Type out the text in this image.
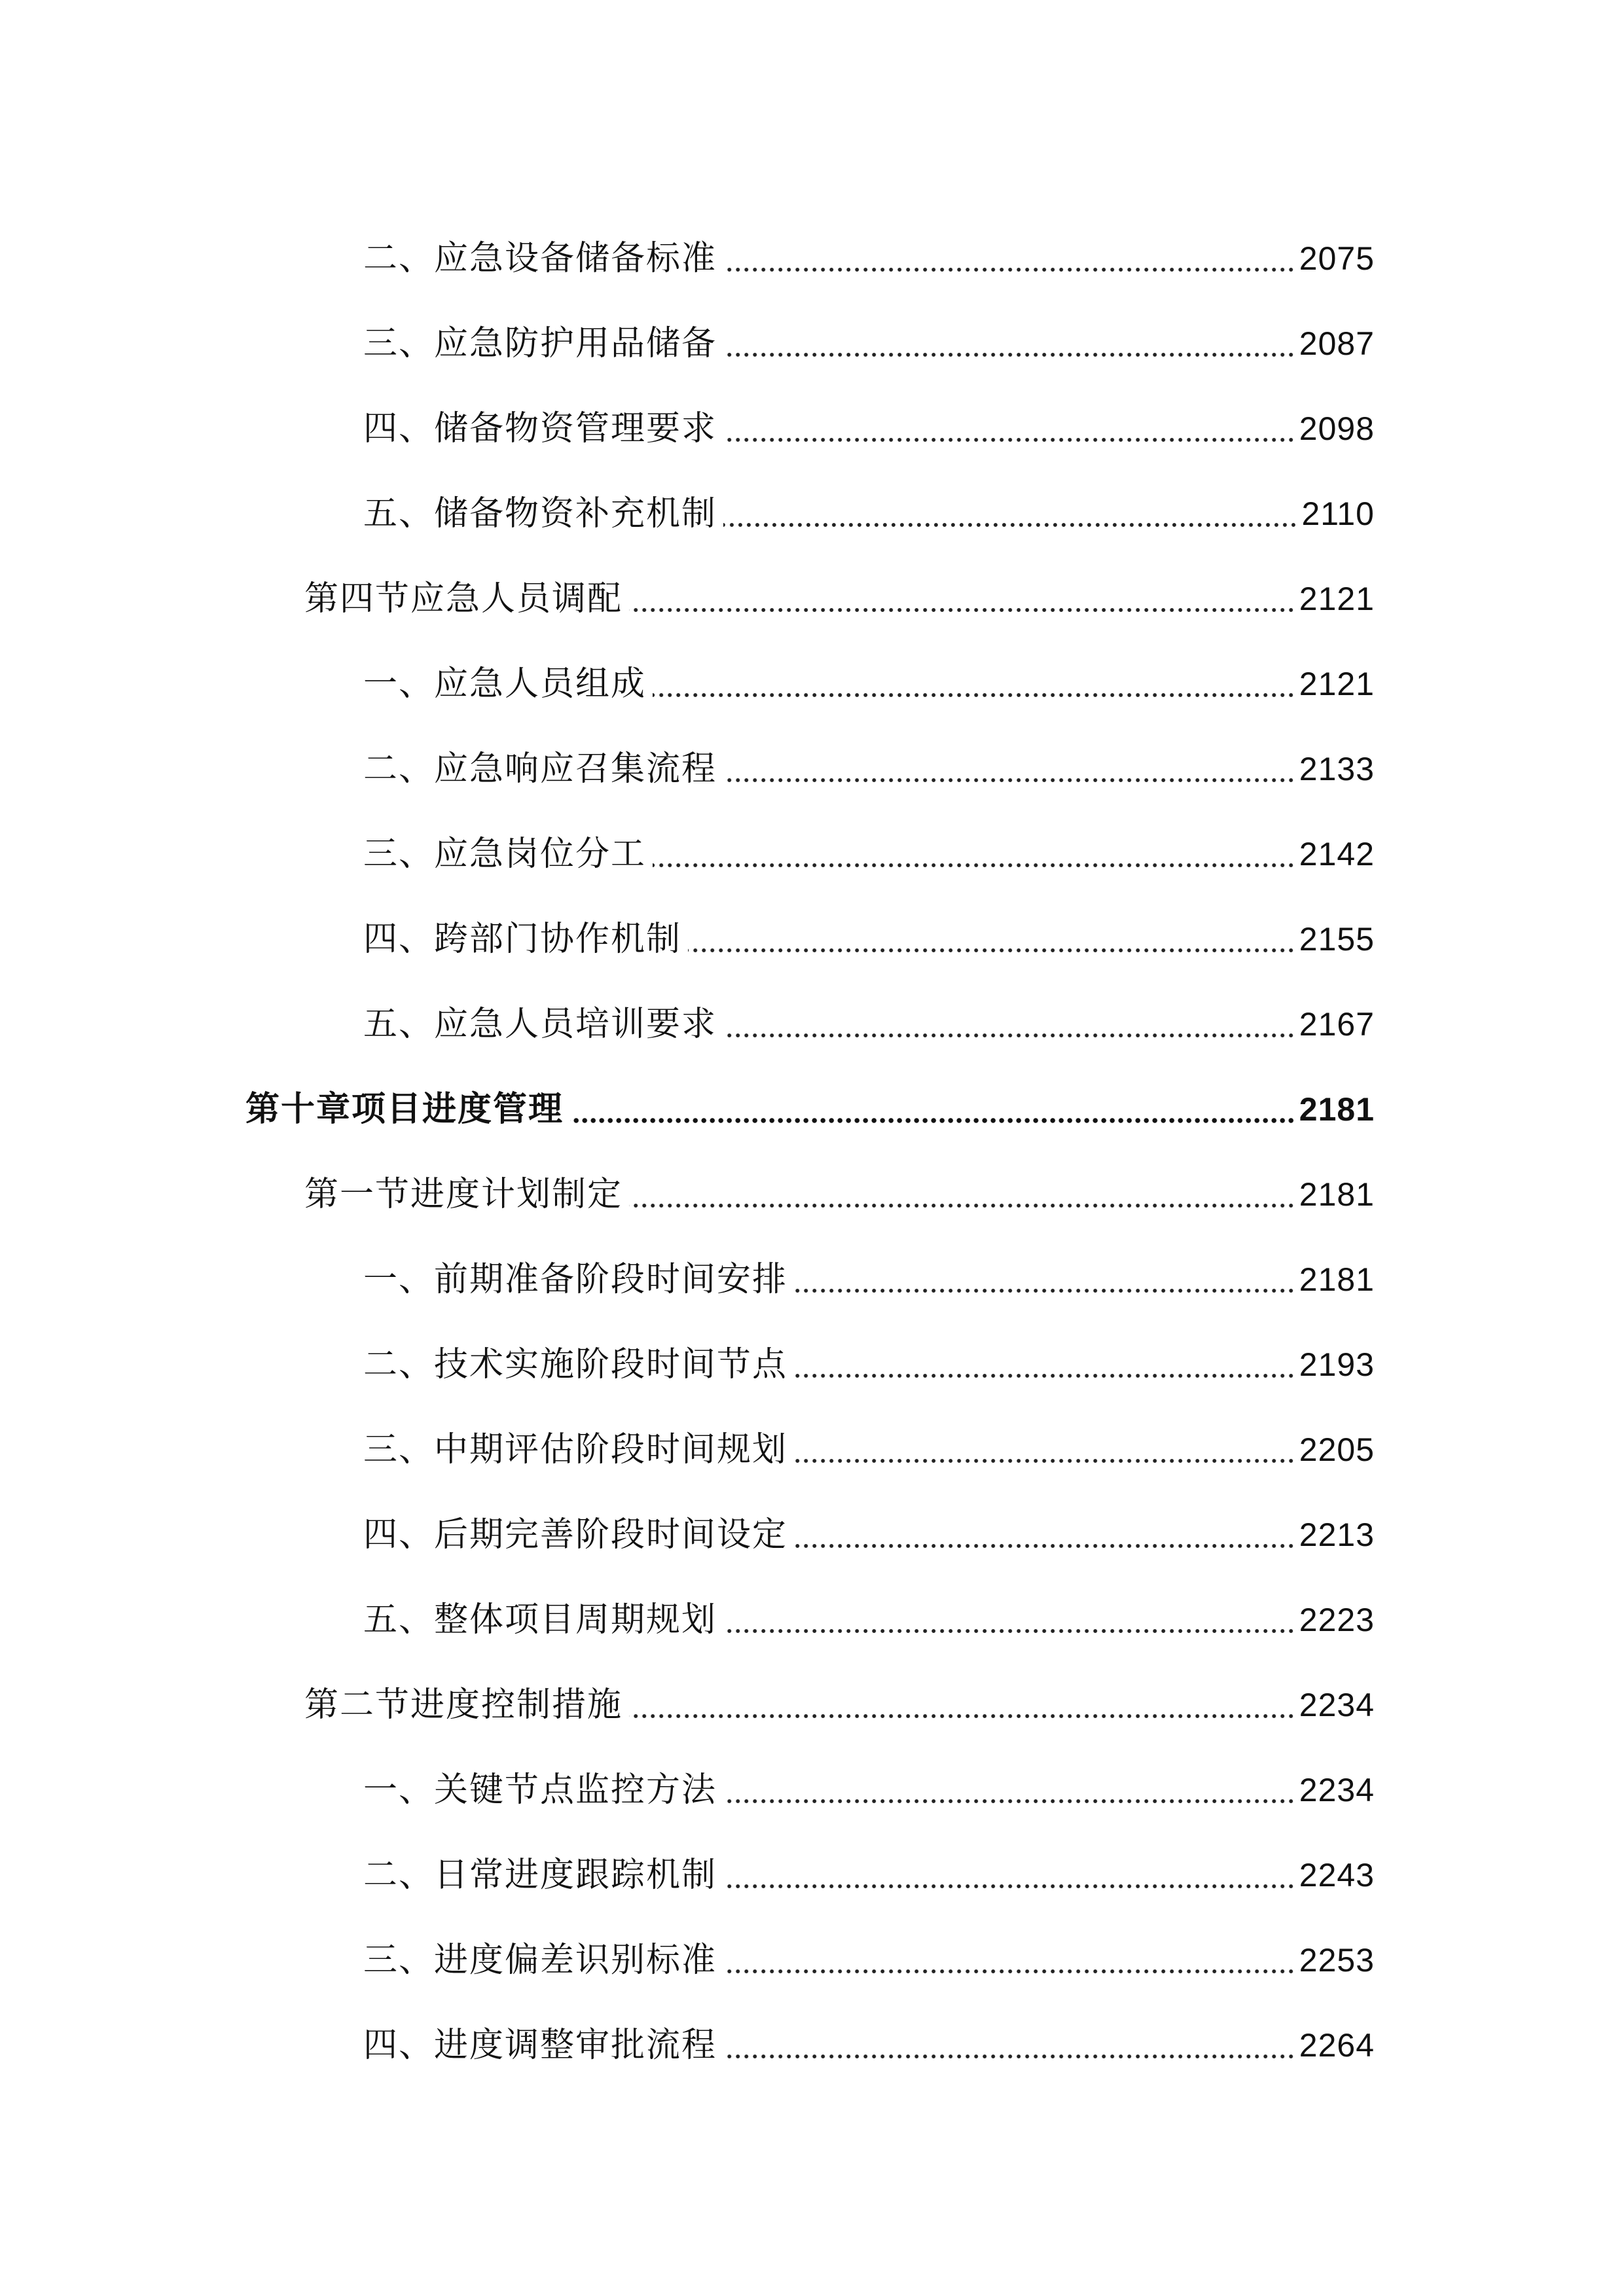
二、应急设备储备标准	2075
三、应急防护用品储备	2087
四、储备物资管理要求	2098
五、储备物资补充机制	2110
第四节应急人员调配	2121
一、应急人员组成	2121
二、应急响应召集流程	2133
三、应急岗位分工	2142
四、跨部门协作机制	2155
五、应急人员培训要求	2167
第十章项目进度管理	2181
第一节进度计划制定	2181
一、前期准备阶段时间安排	2181
二、技术实施阶段时间节点	2193
三、中期评估阶段时间规划	2205
四、后期完善阶段时间设定	2213
五、整体项目周期规划	2223
第二节进度控制措施	2234
一、关键节点监控方法	2234
二、日常进度跟踪机制	2243
三、进度偏差识别标准	2253
四、进度调整审批流程	2264
